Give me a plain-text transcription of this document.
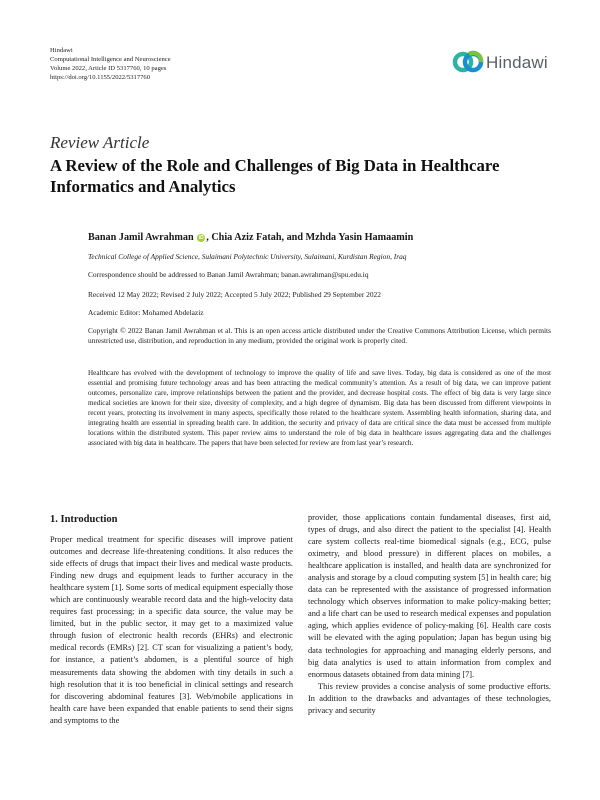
Hindawi
Computational Intelligence and Neuroscience
Volume 2022, Article ID 5317760, 10 pages
https://doi.org/10.1155/2022/5317760
Hindawi
Review Article
A Review of the Role and Challenges of Big Data in Healthcare Informatics and Analytics
Banan Jamil Awrahman iD , Chia Aziz Fatah, and Mzhda Yasin Hamaamin
Technical College of Applied Science, Sulaimani Polytechnic University, Sulaimani, Kurdistan Region, Iraq
Correspondence should be addressed to Banan Jamil Awrahman; banan.awrahman@spu.edu.iq
Received 12 May 2022; Revised 2 July 2022; Accepted 5 July 2022; Published 29 September 2022
Academic Editor: Mohamed Abdelaziz
Copyright © 2022 Banan Jamil Awrahman et al. This is an open access article distributed under the Creative Commons Attribution License, which permits unrestricted use, distribution, and reproduction in any medium, provided the original work is properly cited.
Healthcare has evolved with the development of technology to improve the quality of life and save lives. Today, big data is considered as one of the most essential and promising future technology areas and has been attracting the medical community’s attention. As a result of big data, we can improve patient outcomes, personalize care, improve relationships between the patient and the provider, and decrease hospital costs. The effect of big data is very large since medical societies are known for their size, diversity of complexity, and a high degree of dynamism. Big data has been discussed from different viewpoints in recent years, protecting its involvement in many aspects, specifically those related to the healthcare system. Assembling health information, sharing data, and integrating health are essential in spreading health care. In addition, the security and privacy of data are critical since the data must be accessed from multiple locations within the distributed system. This paper review aims to understand the role of big data in healthcare issues aggregating data and the challenges associated with big data in healthcare. The papers that have been selected for review are from last year’s research.
1. Introduction

Proper medical treatment for specific diseases will improve patient outcomes and decrease life-threatening conditions. It also reduces the side effects of drugs that impact their lives and medical waste products. Finding new drugs and equipment leads to further accuracy in the healthcare system [1]. Some sorts of medical equipment especially those which are continuously wearable record data and the high-velocity data requires fast processing; in a specific data source, the value may be limited, but in the public sector, it may get to a maximized value through fusion of electronic health records (EHRs) and electronic medical records (EMRs) [2]. CT scan for visualizing a patient’s body, for instance, a patient’s abdomen, is a plentiful source of high measurements data showing the abdomen with tiny details in such a high resolution that it is too beneficial in clinical settings and research for discovering abdominal features [3]. Web/mobile applications in health care have been expanded that enable patients to send their signs and symptoms to the

provider, those applications contain fundamental diseases, first aid, types of drugs, and also direct the patient to the specialist [4]. Health care system collects real-time biomedical signals (e.g., ECG, pulse oximetry, and blood pressure) in different places on mobiles, a healthcare application is installed, and health data are synchronized for analysis and storage by a cloud computing system [5] in health care; big data can be represented with the assistance of progressed information technology which observes information to make policy-making better; and a life chart can be used to research medical expenses and population aging, which applies evidence of policy-making [6]. Health care costs will be elevated with the aging population; Japan has begun using big data technologies for approaching and managing elderly persons, and big data analytics is used to attain information from complex and enormous datasets obtained from data mining [7].

This review provides a concise analysis of some productive efforts. In addition to the drawbacks and advantages of these technologies, privacy and security
